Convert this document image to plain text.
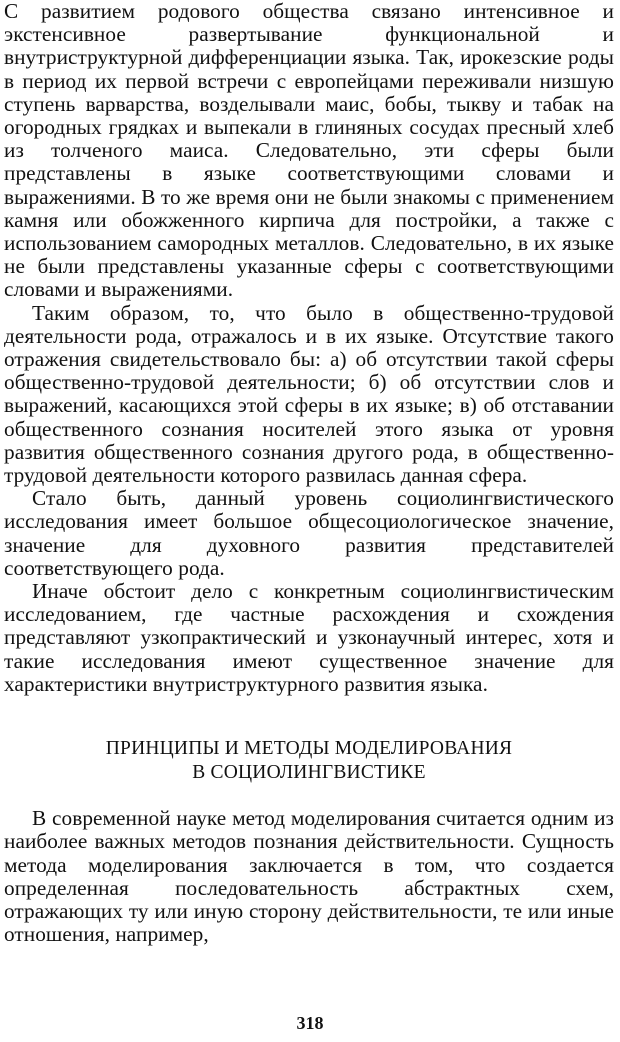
С развитием родового общества связано интенсивное и экстенсивное развертывание функциональной и внутриструктурной дифференциации языка. Так, ирокезские роды в период их первой встречи с европейцами переживали низшую ступень варварства, возделывали маис, бобы, тыкву и табак на огородных грядках и выпекали в глиняных сосудах пресный хлеб из толченого маиса. Следовательно, эти сферы были представлены в языке соответствующими словами и выражениями. В то же время они не были знакомы с применением камня или обожженного кирпича для постройки, а также с использованием самородных металлов. Следовательно, в их языке не были представлены указанные сферы с соответствующими словами и выражениями.

Таким образом, то, что было в общественно-трудовой деятельности рода, отражалось и в их языке. Отсутствие такого отражения свидетельствовало бы: а) об отсутствии такой сферы общественно-трудовой деятельности; б) об отсутствии слов и выражений, касающихся этой сферы в их языке; в) об отставании общественного сознания носителей этого языка от уровня развития общественного сознания другого рода, в общественно-трудовой деятельности которого развилась данная сфера.

Стало быть, данный уровень социолингвистического исследования имеет большое общесоциологическое значение, значение для духовного развития представителей соответствующего рода.

Иначе обстоит дело с конкретным социолингвистическим исследованием, где частные расхождения и схождения представляют узкопрактический и узконаучный интерес, хотя и такие исследования имеют существенное значение для характеристики внутриструктурного развития языка.

ПРИНЦИПЫ И МЕТОДЫ МОДЕЛИРОВАНИЯ
В СОЦИОЛИНГВИСТИКЕ

В современной науке метод моделирования считается одним из наиболее важных методов познания действительности. Сущность метода моделирования заключается в том, что создается определенная последовательность абстрактных схем, отражающих ту или иную сторону действительности, те или иные отношения, например,

318
